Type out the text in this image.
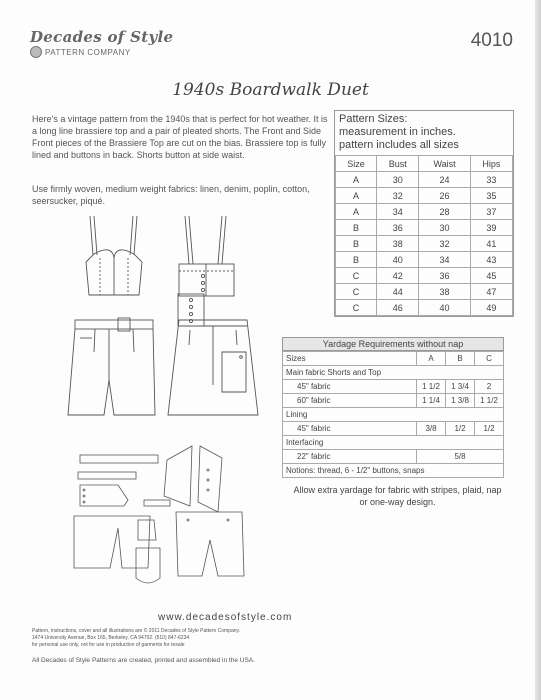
Decades of Style
PATTERN COMPANY
4010
1940s Boardwalk Duet

Here’s a vintage pattern from the 1940s that is perfect for hot weather. It is a long line brassiere top and a pair of pleated shorts. The Front and Side Front pieces of the Brassiere Top are cut on the bias. Brassiere top is fully lined and buttons in back. Shorts button at side waist.

Use firmly woven, medium weight fabrics: linen, denim, poplin, cotton, seersucker, piqué.
Pattern Sizes:
measurement in inches.
pattern includes all sizes
Size	Bust	Waist	Hips
A	30	24	33
A	32	26	35
A	34	28	37
B	36	30	39
B	38	32	41
B	40	34	43
C	42	36	45
C	44	38	47
C	46	40	49
Yardage Requirements without nap
Sizes	A	B	C
Main fabric Shorts and Top			
45" fabric	1 1/2	1 3/4	2
60" fabric	1 1/4	1 3/8	1 1/2
Lining			
45" fabric	3/8	1/2	1/2
Interfacing			
22" fabric	5/8		
Notions: thread, 6 - 1/2" buttons, snaps			
Allow extra yardage for fabric with stripes, plaid, nap or one-way design.
www.decadesofstyle.com
Pattern, instructions, cover and all illustrations are © 2011 Decades of Style Pattern Company.
1474 University Avenue, Box 165, Berkeley, CA 94702. (510) 847-6234
for personal use only, not for use in production of garments for resale
All Decades of Style Patterns are created, printed and assembled in the USA.
